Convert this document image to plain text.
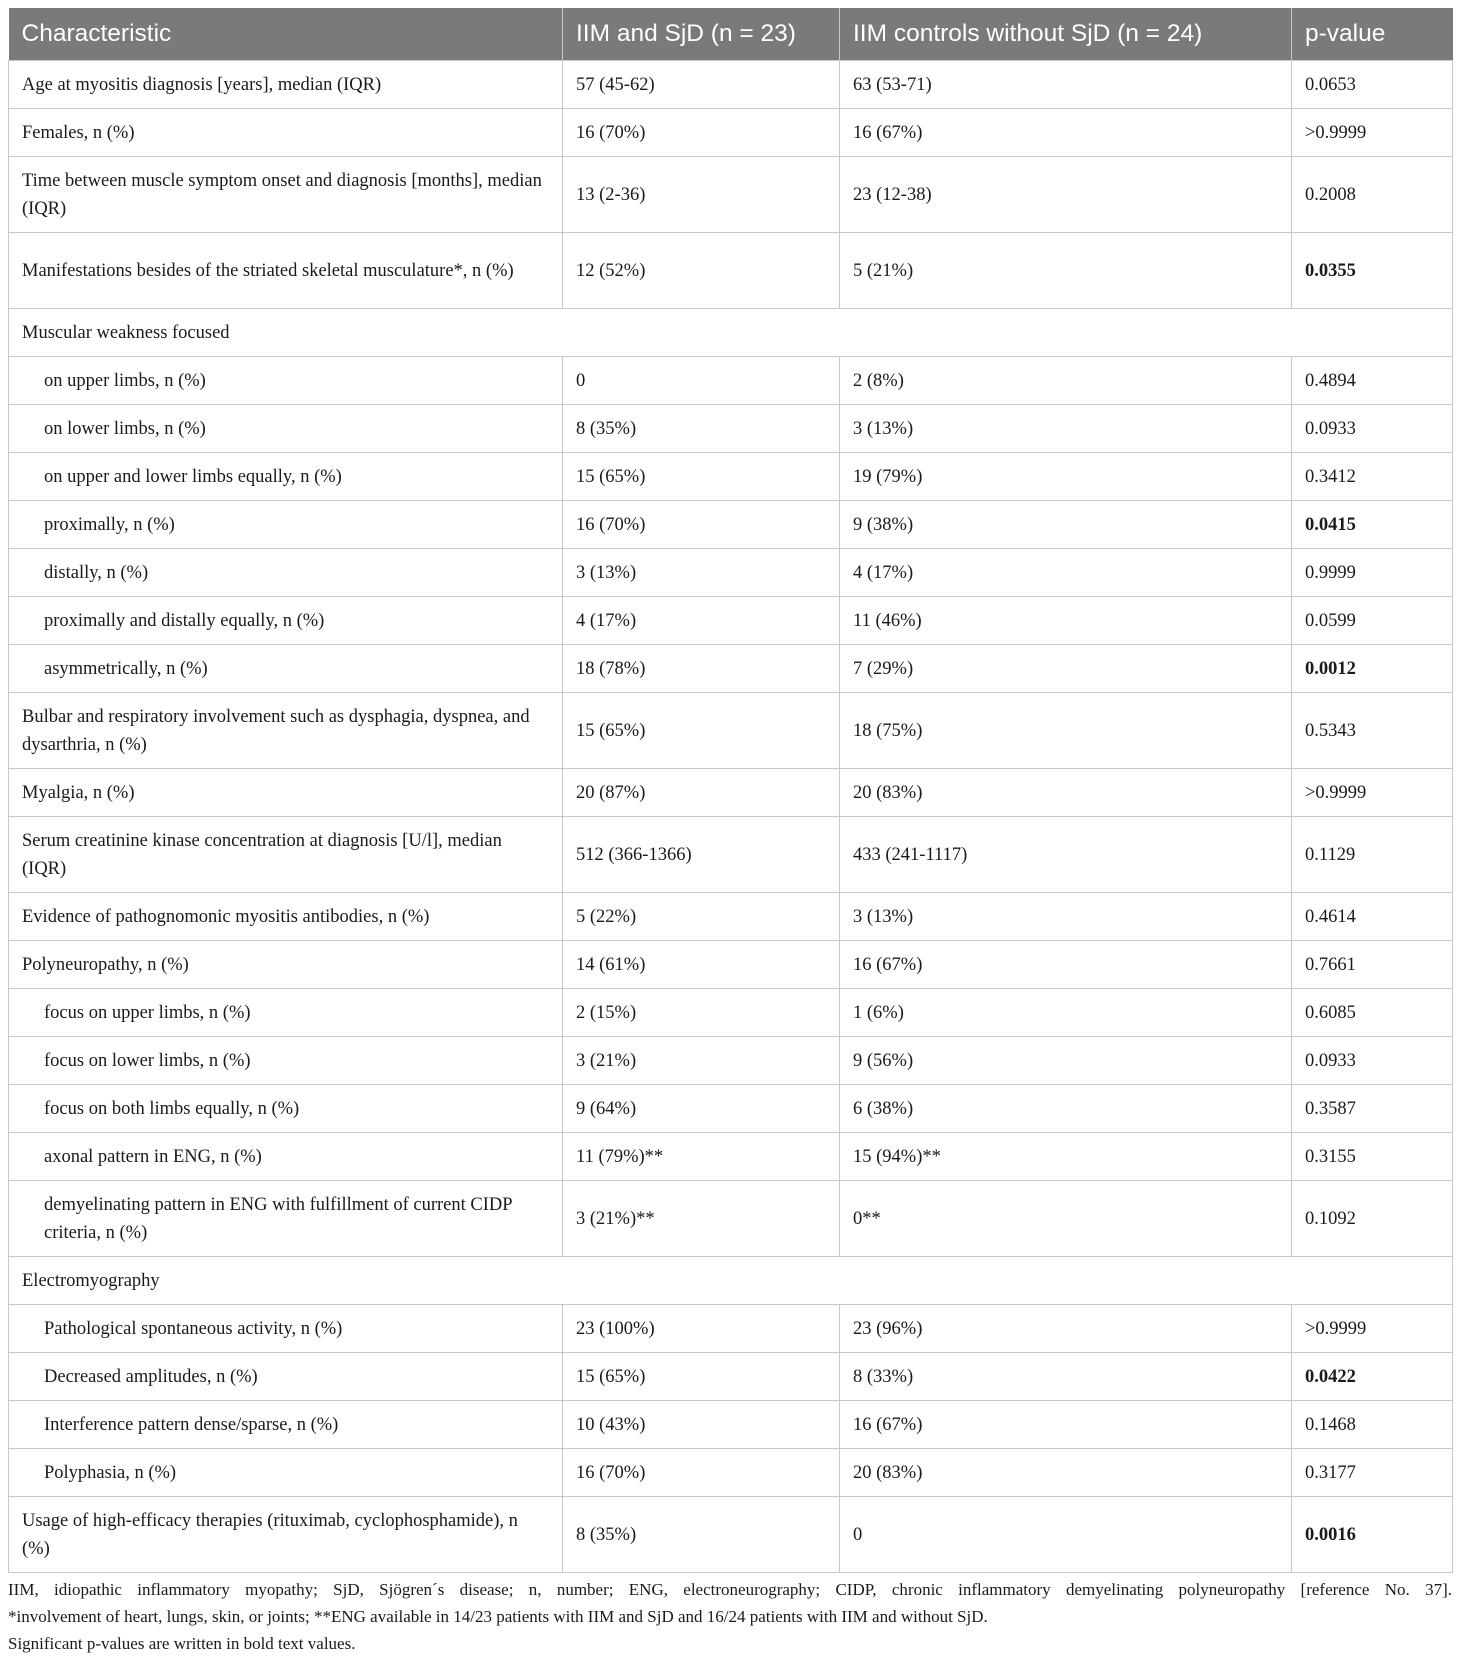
Characteristic	IIM and SjD (n = 23)	IIM controls without SjD (n = 24)	p-value
Age at myositis diagnosis [years], median (IQR)	57 (45-62)	63 (53-71)	0.0653
Females, n (%)	16 (70%)	16 (67%)	>0.9999
Time between muscle symptom onset and diagnosis [months], median (IQR)	13 (2-36)	23 (12-38)	0.2008
Manifestations besides of the striated skeletal musculature*, n (%)	12 (52%)	5 (21%)	0.0355
Muscular weakness focused			
on upper limbs, n (%)	0	2 (8%)	0.4894
on lower limbs, n (%)	8 (35%)	3 (13%)	0.0933
on upper and lower limbs equally, n (%)	15 (65%)	19 (79%)	0.3412
proximally, n (%)	16 (70%)	9 (38%)	0.0415
distally, n (%)	3 (13%)	4 (17%)	0.9999
proximally and distally equally, n (%)	4 (17%)	11 (46%)	0.0599
asymmetrically, n (%)	18 (78%)	7 (29%)	0.0012
Bulbar and respiratory involvement such as dysphagia, dyspnea, and dysarthria, n (%)	15 (65%)	18 (75%)	0.5343
Myalgia, n (%)	20 (87%)	20 (83%)	>0.9999
Serum creatinine kinase concentration at diagnosis [U/l], median (IQR)	512 (366-1366)	433 (241-1117)	0.1129
Evidence of pathognomonic myositis antibodies, n (%)	5 (22%)	3 (13%)	0.4614
Polyneuropathy, n (%)	14 (61%)	16 (67%)	0.7661
focus on upper limbs, n (%)	2 (15%)	1 (6%)	0.6085
focus on lower limbs, n (%)	3 (21%)	9 (56%)	0.0933
focus on both limbs equally, n (%)	9 (64%)	6 (38%)	0.3587
axonal pattern in ENG, n (%)	11 (79%)**	15 (94%)**	0.3155
demyelinating pattern in ENG with fulfillment of current CIDP criteria, n (%)	3 (21%)**	0**	0.1092
Electromyography			
Pathological spontaneous activity, n (%)	23 (100%)	23 (96%)	>0.9999
Decreased amplitudes, n (%)	15 (65%)	8 (33%)	0.0422
Interference pattern dense/sparse, n (%)	10 (43%)	16 (67%)	0.1468
Polyphasia, n (%)	16 (70%)	20 (83%)	0.3177
Usage of high-efficacy therapies (rituximab, cyclophosphamide), n (%)	8 (35%)	0	0.0016

IIM, idiopathic inflammatory myopathy; SjD, Sjögren´s disease; n, number; ENG, electroneurography; CIDP, chronic inflammatory demyelinating polyneuropathy [reference No. 37].

*involvement of heart, lungs, skin, or joints; **ENG available in 14/23 patients with IIM and SjD and 16/24 patients with IIM and without SjD.

Significant p-values are written in bold text values.
